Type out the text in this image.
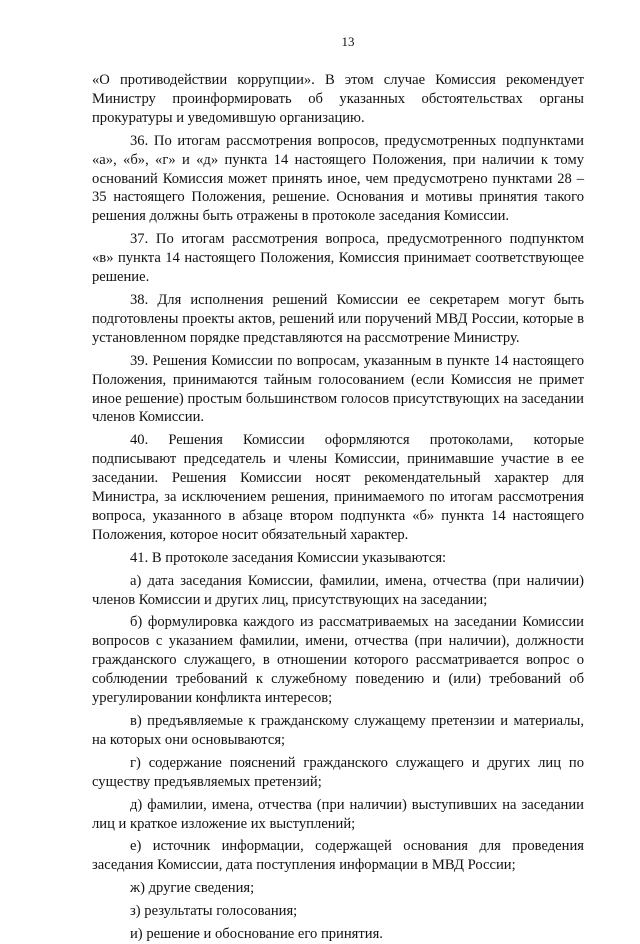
13

«О противодействии коррупции». В этом случае Комиссия рекомендует Министру проинформировать об указанных обстоятельствах органы прокуратуры и уведомившую организацию.

36. По итогам рассмотрения вопросов, предусмотренных подпунктами «а», «б», «г» и «д» пункта 14 настоящего Положения, при наличии к тому оснований Комиссия может принять иное, чем предусмотрено пунктами 28 – 35 настоящего Положения, решение. Основания и мотивы принятия такого решения должны быть отражены в протоколе заседания Комиссии.

37. По итогам рассмотрения вопроса, предусмотренного подпунктом «в» пункта 14 настоящего Положения, Комиссия принимает соответствующее решение.

38. Для исполнения решений Комиссии ее секретарем могут быть подготовлены проекты актов, решений или поручений МВД России, которые в установленном порядке представляются на рассмотрение Министру.

39. Решения Комиссии по вопросам, указанным в пункте 14 настоящего Положения, принимаются тайным голосованием (если Комиссия не примет иное решение) простым большинством голосов присутствующих на заседании членов Комиссии.

40. Решения Комиссии оформляются протоколами, которые подписывают председатель и члены Комиссии, принимавшие участие в ее заседании. Решения Комиссии носят рекомендательный характер для Министра, за исключением решения, принимаемого по итогам рассмотрения вопроса, указанного в абзаце втором подпункта «б» пункта 14 настоящего Положения, которое носит обязательный характер.

41. В протоколе заседания Комиссии указываются:

а) дата заседания Комиссии, фамилии, имена, отчества (при наличии) членов Комиссии и других лиц, присутствующих на заседании;

б) формулировка каждого из рассматриваемых на заседании Комиссии вопросов с указанием фамилии, имени, отчества (при наличии), должности гражданского служащего, в отношении которого рассматривается вопрос о соблюдении требований к служебному поведению и (или) требований об урегулировании конфликта интересов;

в) предъявляемые к гражданскому служащему претензии и материалы, на которых они основываются;

г) содержание пояснений гражданского служащего и других лиц по существу предъявляемых претензий;

д) фамилии, имена, отчества (при наличии) выступивших на заседании лиц и краткое изложение их выступлений;

е) источник информации, содержащей основания для проведения заседания Комиссии, дата поступления информации в МВД России;

ж) другие сведения;

з) результаты голосования;

и) решение и обоснование его принятия.
